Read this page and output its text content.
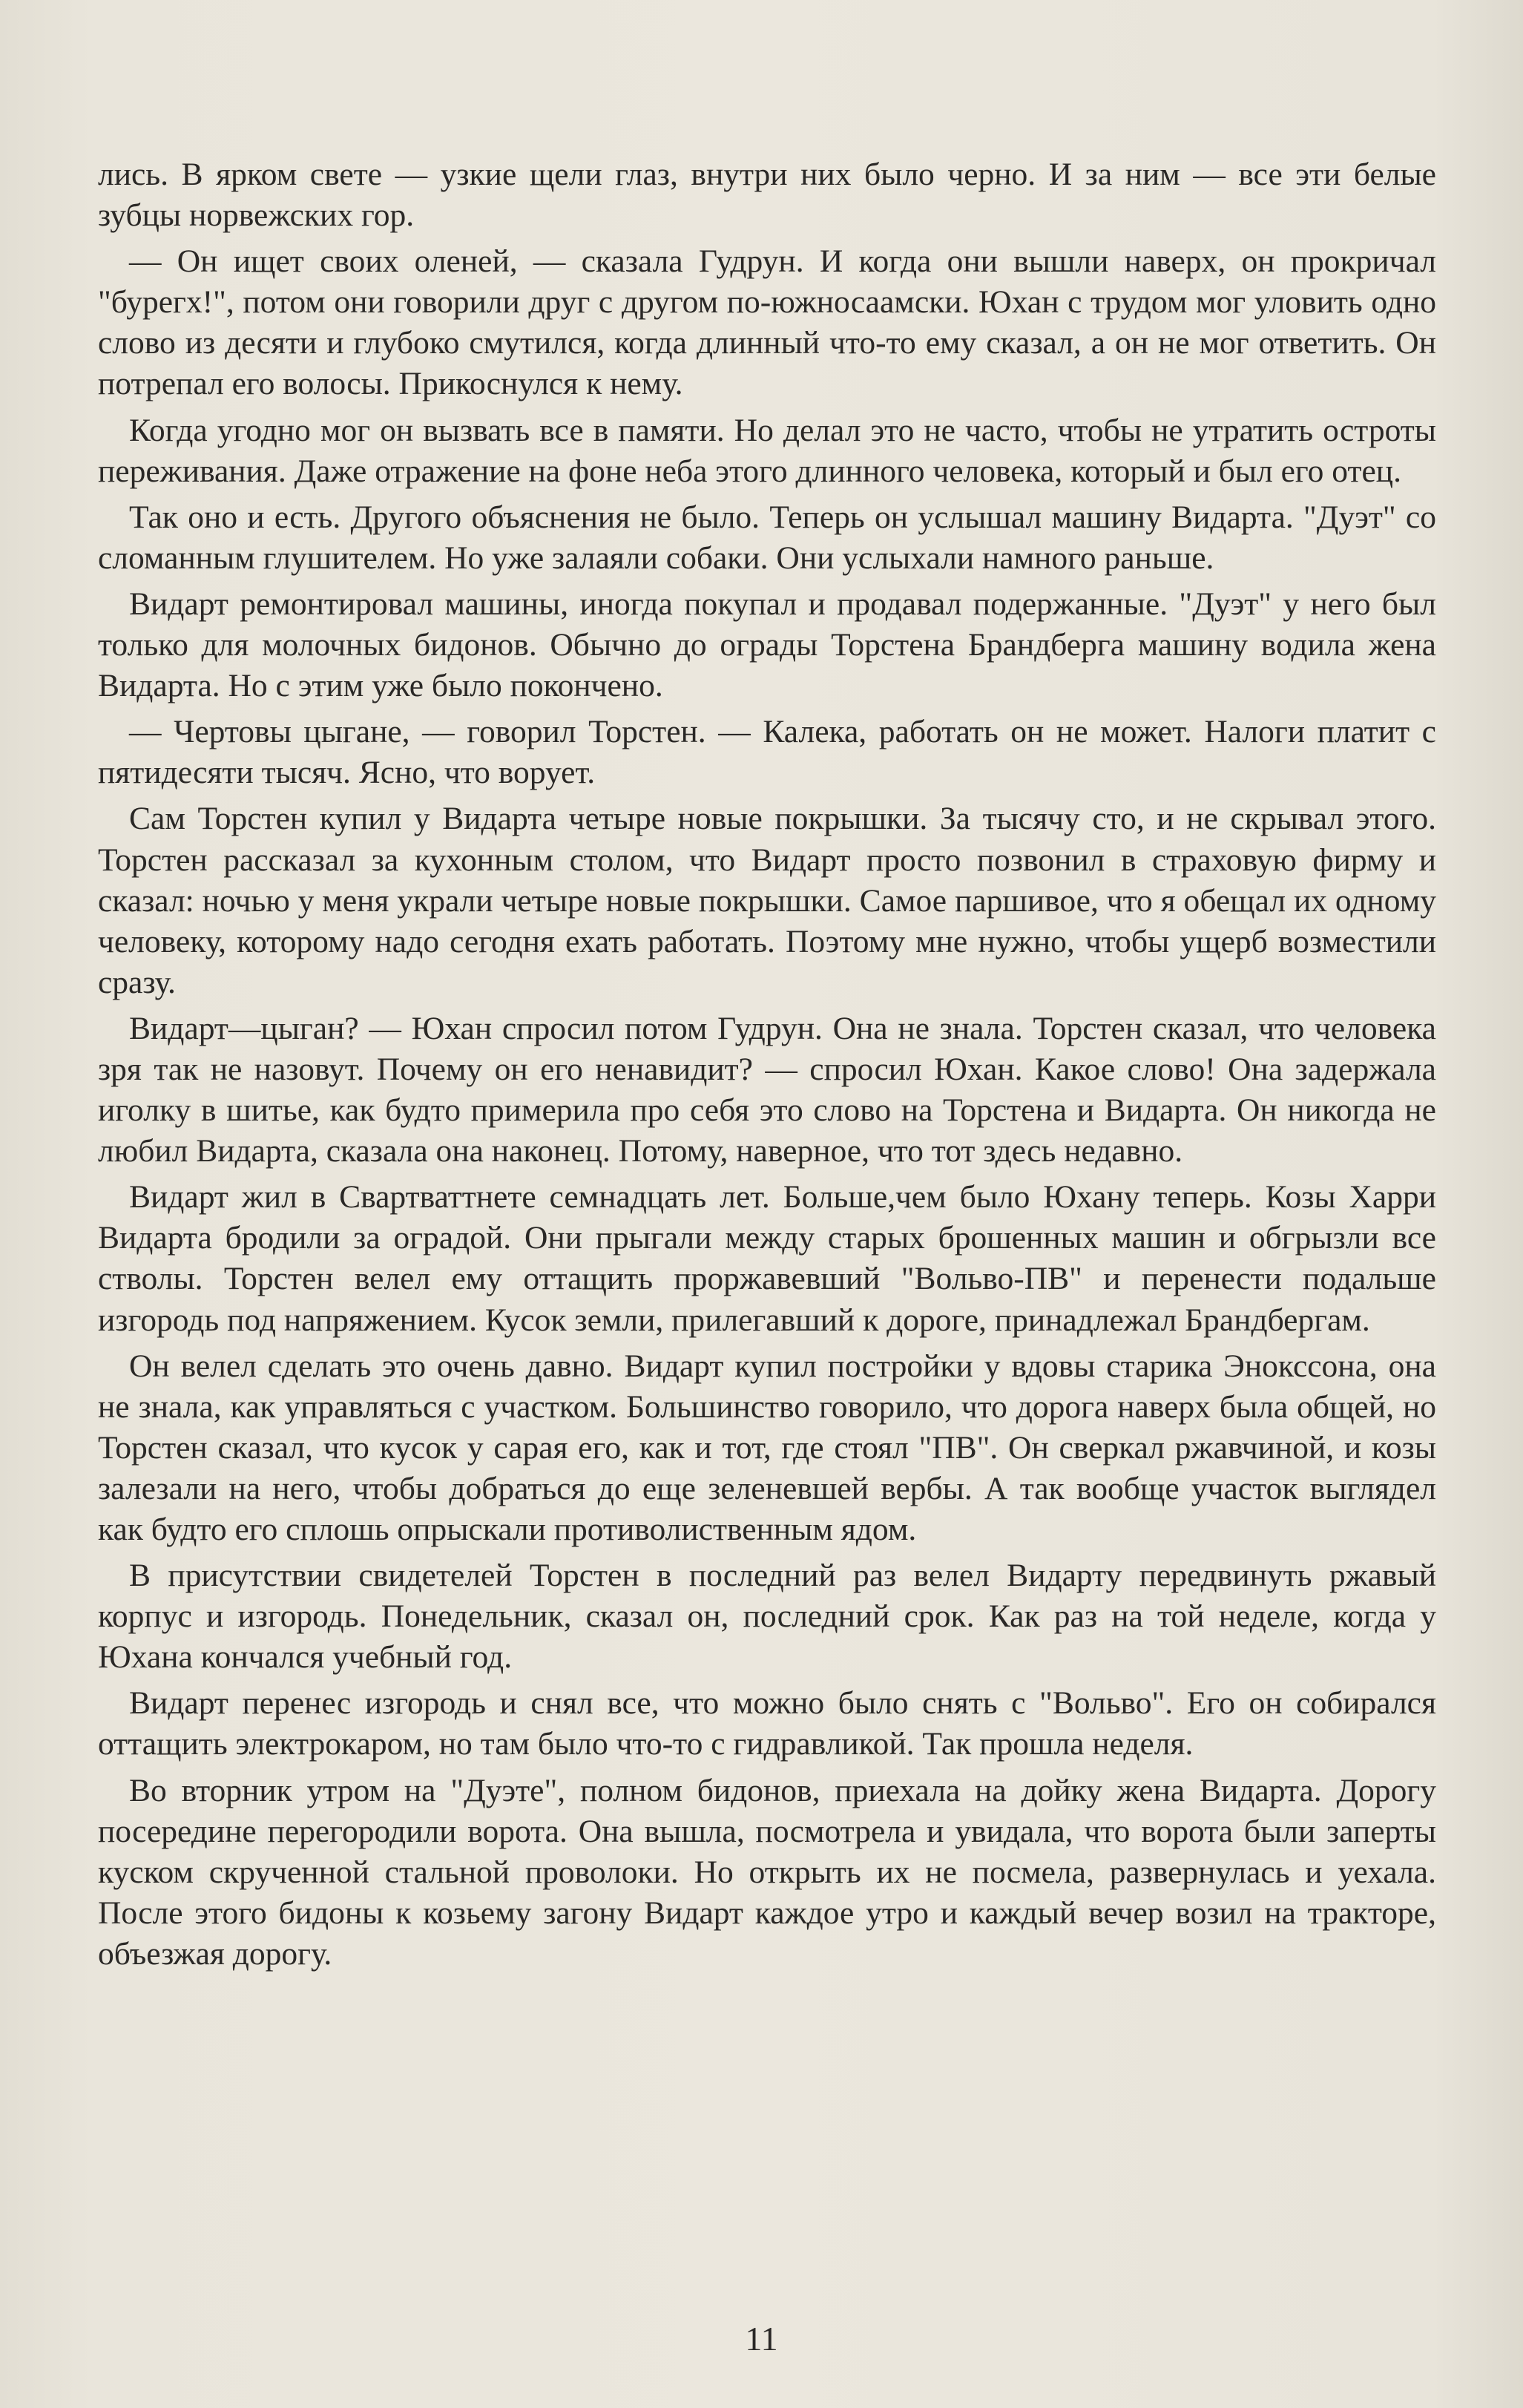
лись. В ярком свете — узкие щели глаз, внутри них было черно. И за ним — все эти белые зубцы норвежских гор.

— Он ищет своих оленей, — сказала Гудрун. И когда они вышли наверх, он прокричал "бурегх!", потом они говорили друг с другом по-южносаамски. Юхан с трудом мог уловить одно слово из десяти и глубоко смутился, когда длинный что-то ему сказал, а он не мог ответить. Он потрепал его волосы. Прикоснулся к нему.

Когда угодно мог он вызвать все в памяти. Но делал это не часто, чтобы не утратить остроты переживания. Даже отражение на фоне неба этого длинного человека, который и был его отец.

Так оно и есть. Другого объяснения не было. Теперь он услышал машину Видарта. "Дуэт" со сломанным глушителем. Но уже залаяли собаки. Они услыхали намного раньше.

Видарт ремонтировал машины, иногда покупал и продавал подержанные. "Дуэт" у него был только для молочных бидонов. Обычно до ограды Торстена Брандберга машину водила жена Видарта. Но с этим уже было покончено.

— Чертовы цыгане, — говорил Торстен. — Калека, работать он не может. Налоги платит с пятидесяти тысяч. Ясно, что ворует.

Сам Торстен купил у Видарта четыре новые покрышки. За тысячу сто, и не скрывал этого. Торстен рассказал за кухонным столом, что Видарт просто позвонил в страховую фирму и сказал: ночью у меня украли четыре новые покрышки. Самое паршивое, что я обещал их одному человеку, которому надо сегодня ехать работать. Поэтому мне нужно, чтобы ущерб возместили сразу.

Видарт—цыган? — Юхан спросил потом Гудрун. Она не знала. Торстен сказал, что человека зря так не назовут. Почему он его ненавидит? — спросил Юхан. Какое слово! Она задержала иголку в шитье, как будто примерила про себя это слово на Торстена и Видарта. Он никогда не любил Видарта, сказала она наконец. Потому, наверное, что тот здесь недавно.

Видарт жил в Свартваттнете семнадцать лет. Больше,чем было Юхану теперь. Козы Харри Видарта бродили за оградой. Они прыгали между старых брошенных машин и обгрызли все стволы. Торстен велел ему оттащить проржавевший "Вольво-ПВ" и перенести подальше изгородь под напряжением. Кусок земли, прилегавший к дороге, принадлежал Брандбергам.

Он велел сделать это очень давно. Видарт купил постройки у вдовы старика Энокссона, она не знала, как управляться с участком. Большинство говорило, что дорога наверх была общей, но Торстен сказал, что кусок у сарая его, как и тот, где стоял "ПВ". Он сверкал ржавчиной, и козы залезали на него, чтобы добраться до еще зеленевшей вербы. А так вообще участок выглядел как будто его сплошь опрыскали противолиственным ядом.

В присутствии свидетелей Торстен в последний раз велел Видарту передвинуть ржавый корпус и изгородь. Понедельник, сказал он, последний срок. Как раз на той неделе, когда у Юхана кончался учебный год.

Видарт перенес изгородь и снял все, что можно было снять с "Вольво". Его он собирался оттащить электрокаром, но там было что-то с гидравликой. Так прошла неделя.

Во вторник утром на "Дуэте", полном бидонов, приехала на дойку жена Видарта. Дорогу посередине перегородили ворота. Она вышла, посмотрела и увидала, что ворота были заперты куском скрученной стальной проволоки. Но открыть их не посмела, развернулась и уехала. После этого бидоны к козьему загону Видарт каждое утро и каждый вечер возил на тракторе, объезжая дорогу.

11
